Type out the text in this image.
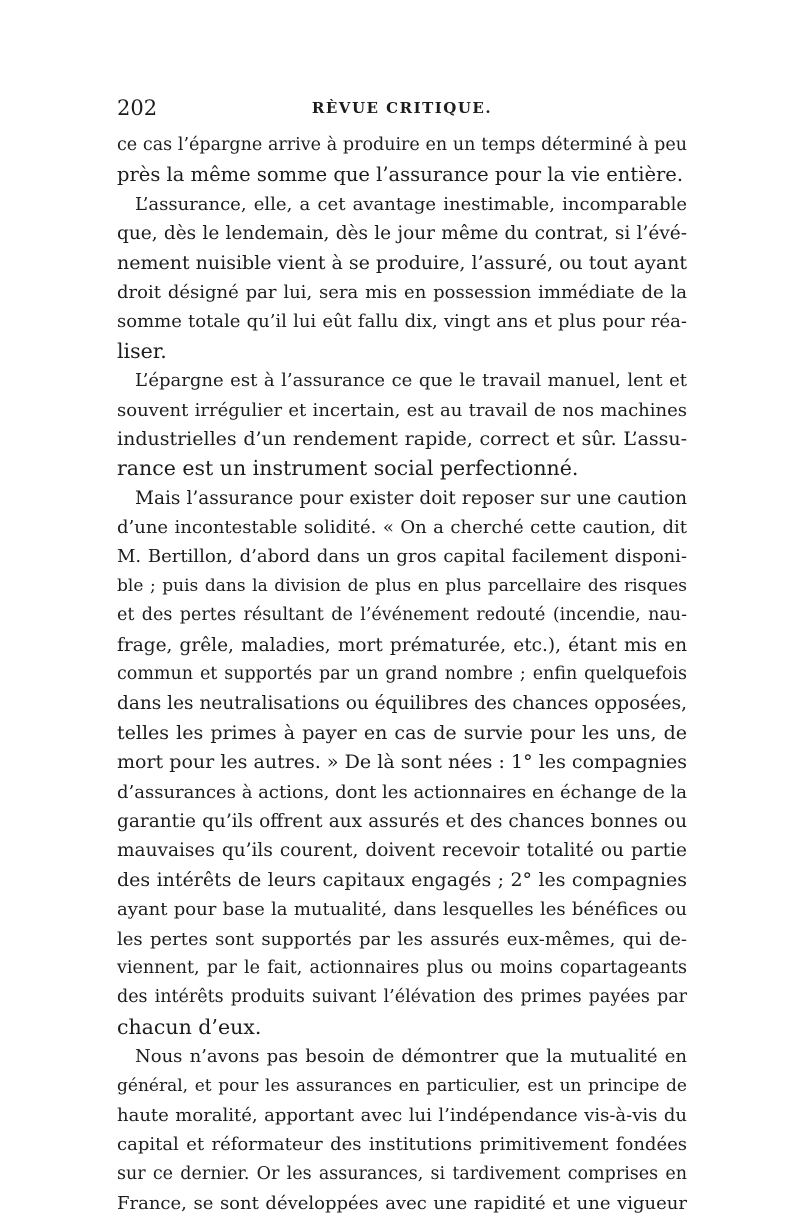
202	RÈVUE CRITIQUE.
ce cas l’épargne arrive à produire en un temps déterminé à peu
près la même somme que l’assurance pour la vie entière.
L’assurance, elle, a cet avantage inestimable, incomparable
que, dès le lendemain, dès le jour même du contrat, si l’évé-
nement nuisible vient à se produire, l’assuré, ou tout ayant
droit désigné par lui, sera mis en possession immédiate de la
somme totale qu’il lui eût fallu dix, vingt ans et plus pour réa-
liser.
L’épargne est à l’assurance ce que le travail manuel, lent et
souvent irrégulier et incertain, est au travail de nos machines
industrielles d’un rendement rapide, correct et sûr. L’assu-
rance est un instrument social perfectionné.
Mais l’assurance pour exister doit reposer sur une caution
d’une incontestable solidité. « On a cherché cette caution, dit
M. Bertillon, d’abord dans un gros capital facilement disponi-
ble ; puis dans la division de plus en plus parcellaire des risques
et des pertes résultant de l’événement redouté (incendie, nau-
frage, grêle, maladies, mort prématurée, etc.), étant mis en
commun et supportés par un grand nombre ; enfin quelquefois
dans les neutralisations ou équilibres des chances opposées,
telles les primes à payer en cas de survie pour les uns, de
mort pour les autres. » De là sont nées : 1° les compagnies
d’assurances à actions, dont les actionnaires en échange de la
garantie qu’ils offrent aux assurés et des chances bonnes ou
mauvaises qu’ils courent, doivent recevoir totalité ou partie
des intérêts de leurs capitaux engagés ; 2° les compagnies
ayant pour base la mutualité, dans lesquelles les bénéfices ou
les pertes sont supportés par les assurés eux-mêmes, qui de-
viennent, par le fait, actionnaires plus ou moins copartageants
des intérêts produits suivant l’élévation des primes payées par
chacun d’eux.
Nous n’avons pas besoin de démontrer que la mutualité en
général, et pour les assurances en particulier, est un principe de
haute moralité, apportant avec lui l’indépendance vis-à-vis du
capital et réformateur des institutions primitivement fondées
sur ce dernier. Or les assurances, si tardivement comprises en
France, se sont développées avec une rapidité et une vigueur
